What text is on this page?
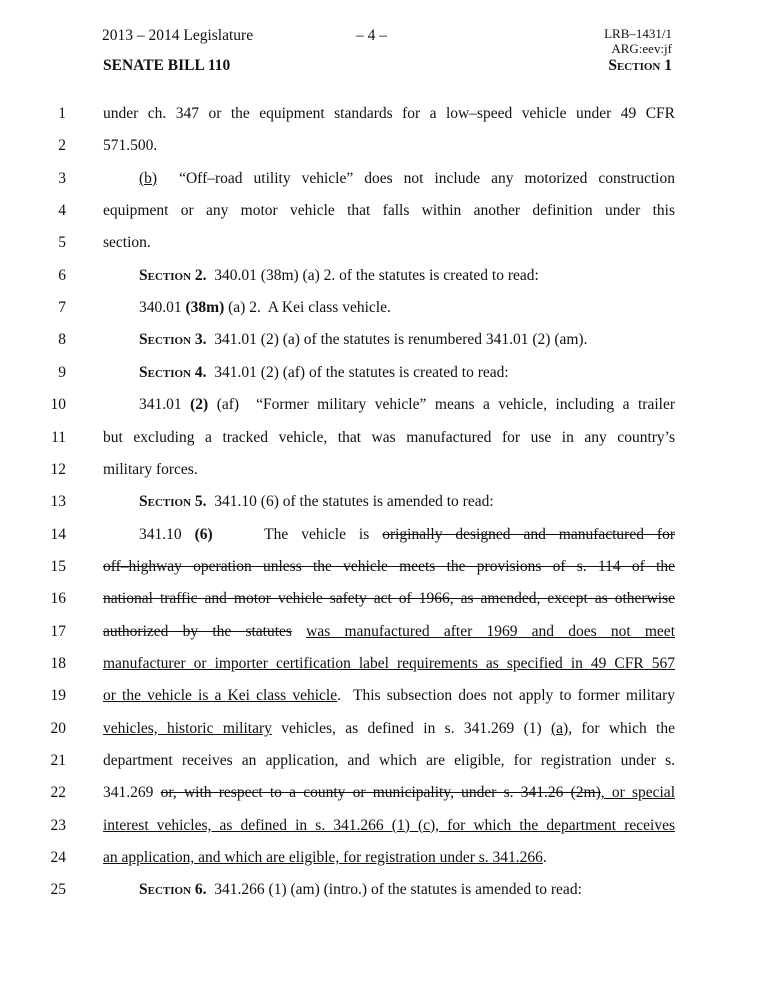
2013 – 2014 Legislature	– 4 –	LRB–1431/1
ARG:eev:jf
SENATE BILL 110	Section 1
1 under ch. 347 or the equipment standards for a low–speed vehicle under 49 CFR
2 571.500.
3	(b)  “Off–road utility vehicle” does not include any motorized construction
4 equipment or any motor vehicle that falls within another definition under this
5 section.
6	Section 2.  340.01 (38m) (a) 2. of the statutes is created to read:
7	340.01 (38m) (a) 2.  A Kei class vehicle.
8	Section 3.  341.01 (2) (a) of the statutes is renumbered 341.01 (2) (am).
9	Section 4.  341.01 (2) (af) of the statutes is created to read:
10	341.01 (2) (af)  “Former military vehicle” means a vehicle, including a trailer
11 but excluding a tracked vehicle, that was manufactured for use in any country’s
12 military forces.
13	Section 5.  341.10 (6) of the statutes is amended to read:
14	341.10 (6)    The vehicle is originally designed and manufactured for
15 off–highway operation unless the vehicle meets the provisions of s. 114 of the
16 national traffic and motor vehicle safety act of 1966, as amended, except as otherwise
17 authorized by the statutes was manufactured after 1969 and does not meet
18 manufacturer or importer certification label requirements as specified in 49 CFR 567
19 or the vehicle is a Kei class vehicle.  This subsection does not apply to former military
20 vehicles, historic military vehicles, as defined in s. 341.269 (1) (a), for which the
21 department receives an application, and which are eligible, for registration under s.
22 341.269 or, with respect to a county or municipality, under s. 341.26 (2m), or special
23 interest vehicles, as defined in s. 341.266 (1) (c), for which the department receives
24 an application, and which are eligible, for registration under s. 341.266.
25	Section 6.  341.266 (1) (am) (intro.) of the statutes is amended to read:
